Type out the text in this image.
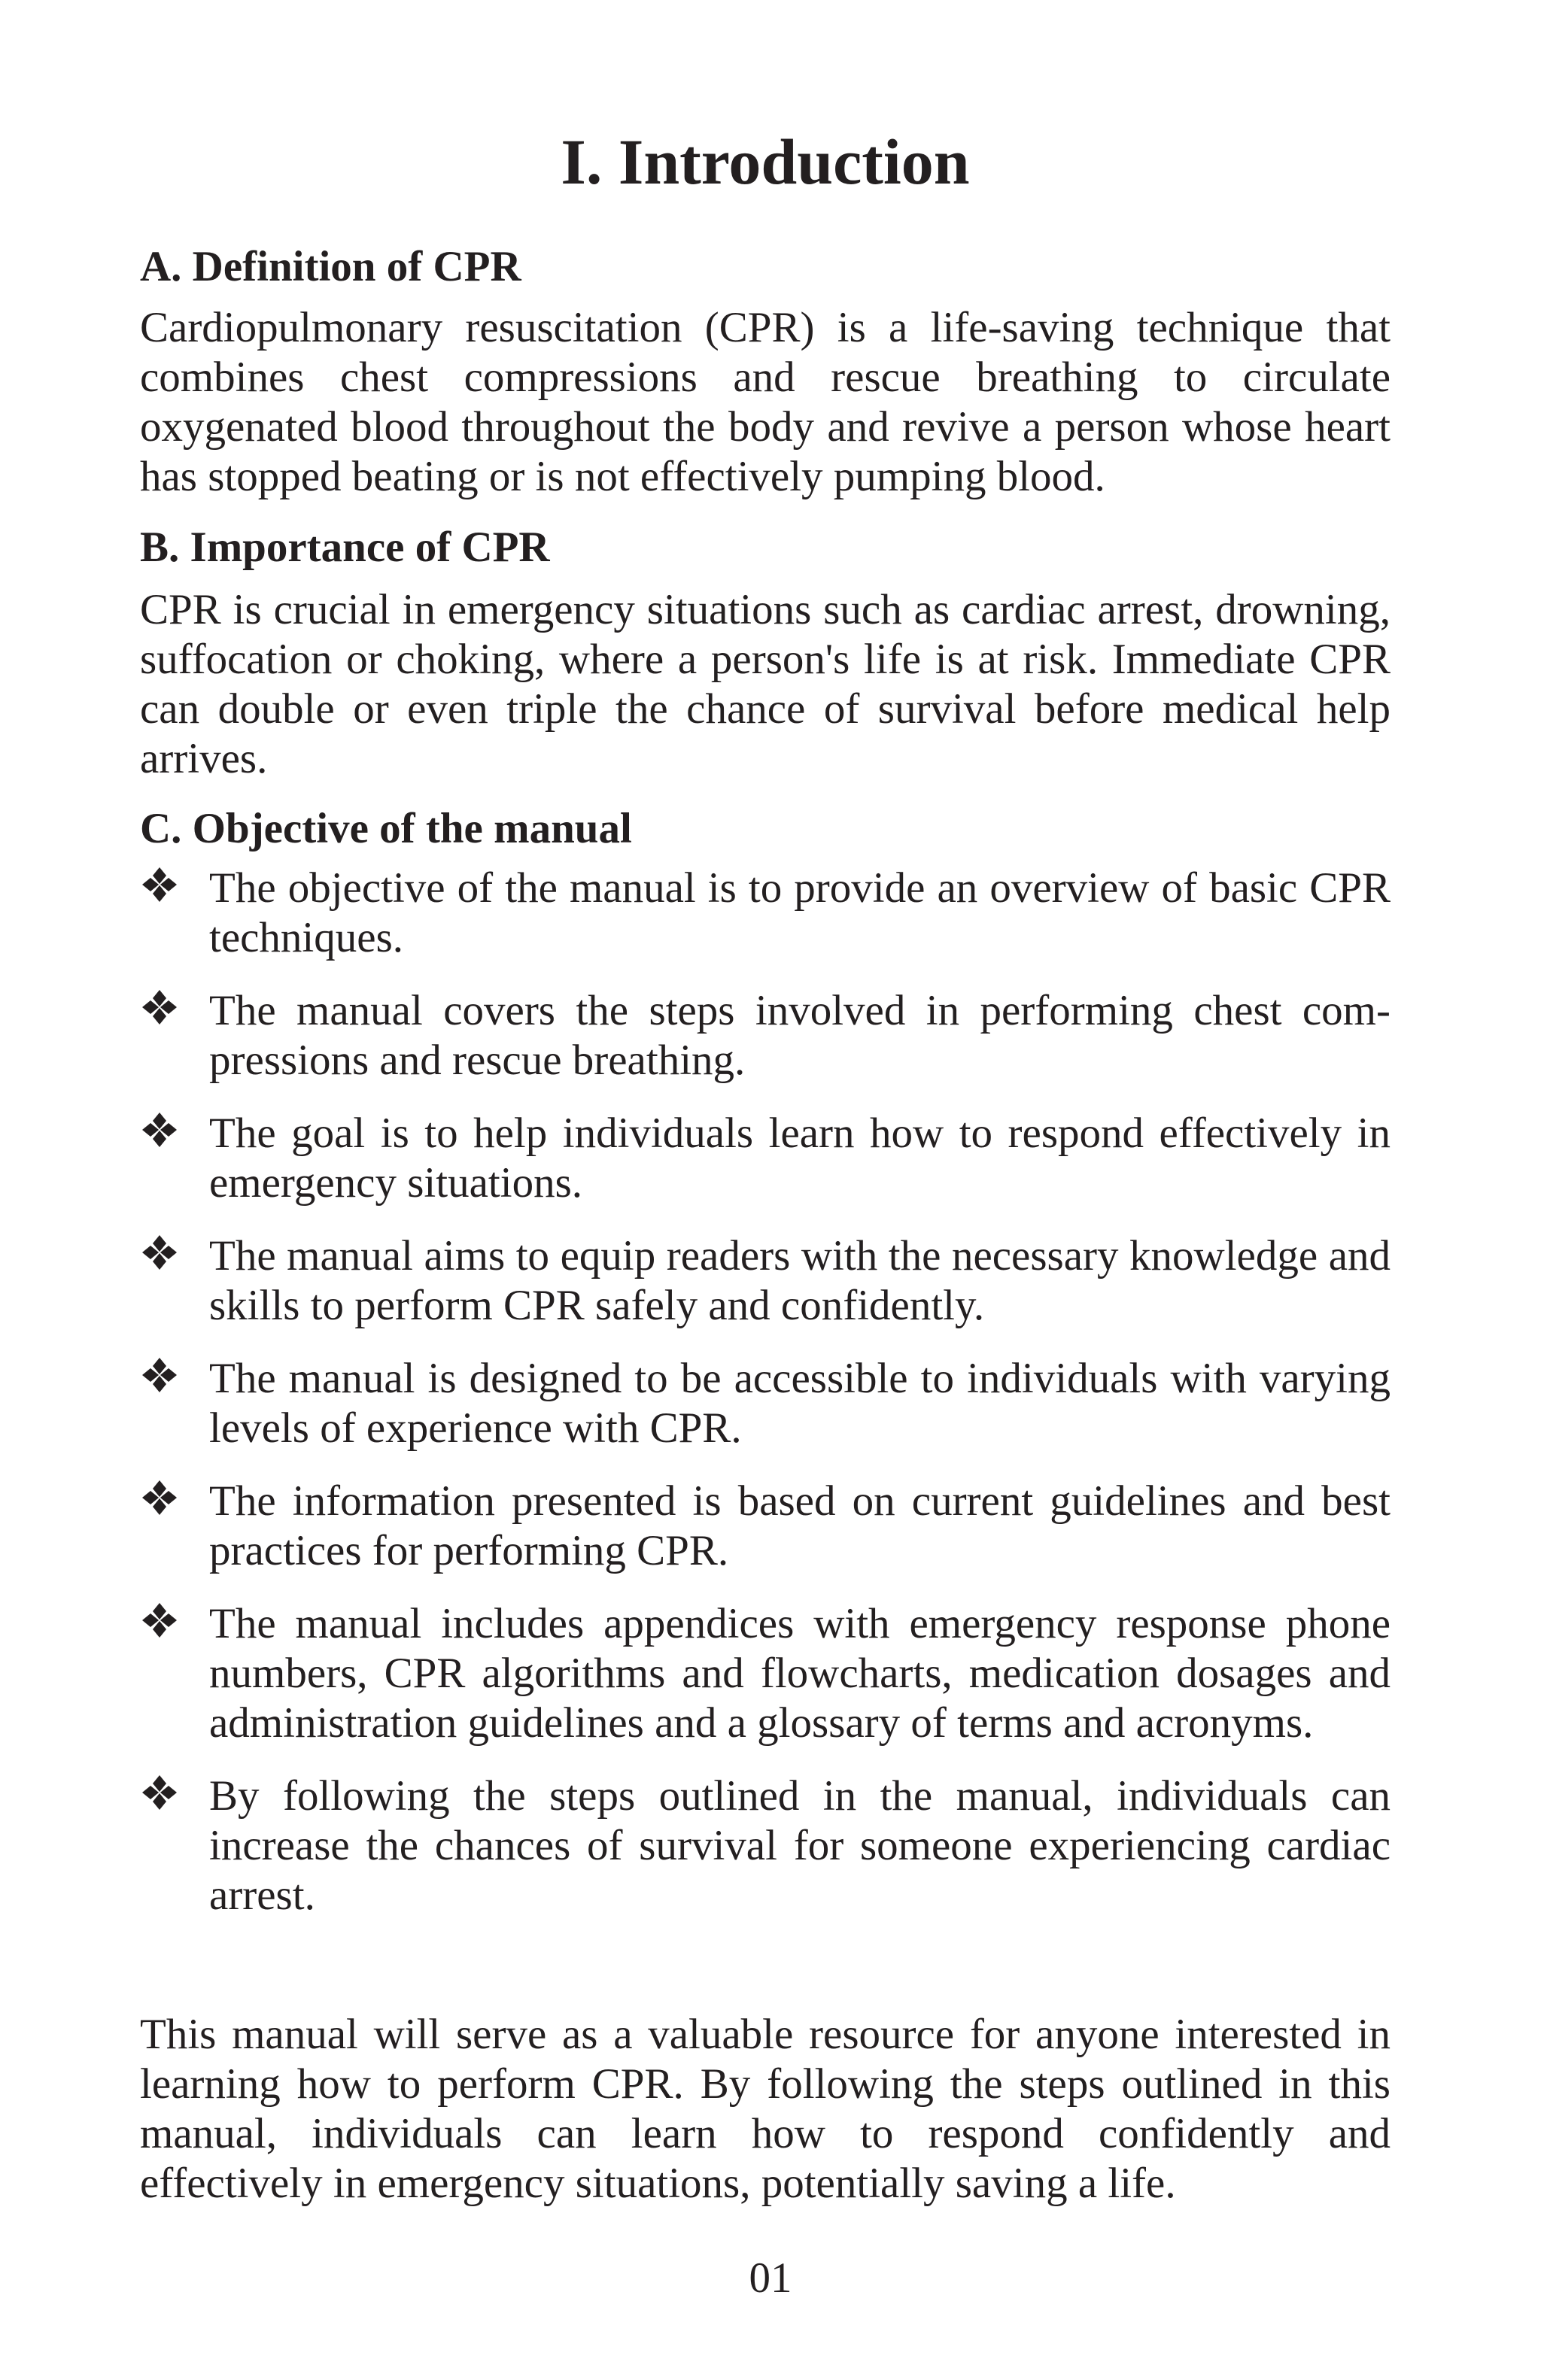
I. Introduction
A. Definition of CPR

Cardiopulmonary resuscitation (CPR) is a life-saving technique that combines chest compressions and rescue breathing to circulate oxygenated blood throughout the body and revive a person whose heart has stopped beating or is not effectively pumping blood.

B. Importance of CPR

CPR is crucial in emergency situations such as cardiac arrest, drowning, suffocation or choking, where a person's life is at risk. Immediate CPR can double or even triple the chance of survival before medical help arrives.

C. Objective of the manual
The objective of the manual is to provide an overview of basic CPR techniques.
The manual covers the steps involved in performing chest compressions and rescue breathing.
The goal is to help individuals learn how to respond effectively in emergency situations.
The manual aims to equip readers with the necessary knowledge and skills to perform CPR safely and confidently.
The manual is designed to be accessible to individuals with varying levels of experience with CPR.
The information presented is based on current guidelines and best practices for performing CPR.
The manual includes appendices with emergency response phone numbers, CPR algorithms and flowcharts, medication dosages and administration guidelines and a glossary of terms and acronyms.
By following the steps outlined in the manual, individuals can increase the chances of survival for someone experiencing cardiac arrest.

This manual will serve as a valuable resource for anyone interested in learning how to perform CPR. By following the steps outlined in this manual, individuals can learn how to respond confidently and effectively in emergency situations, potentially saving a life.

01
